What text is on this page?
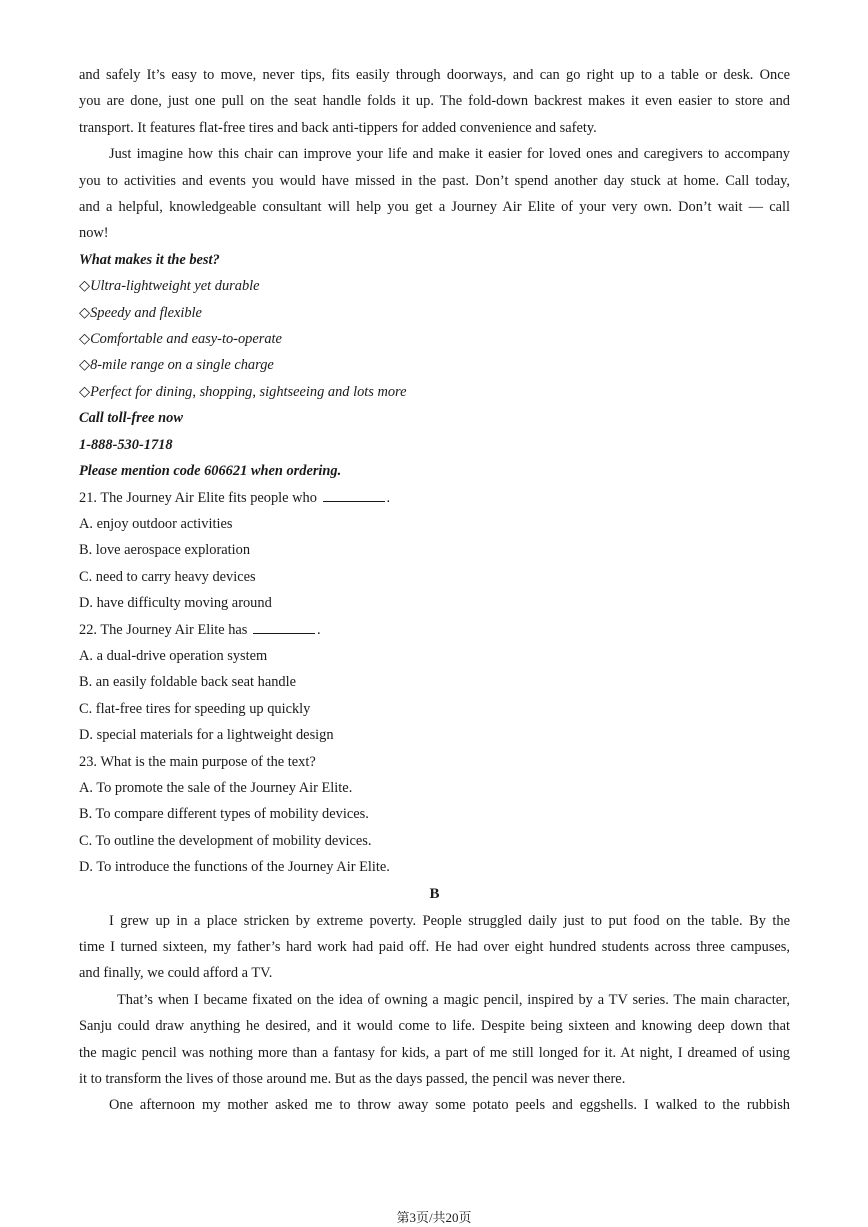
and safely It’s easy to move, never tips, fits easily through doorways, and can go right up to a table or desk. Once

you are done, just one pull on the seat handle folds it up. The fold-down backrest makes it even easier to store and

transport. It features flat-free tires and back anti-tippers for added convenience and safety.

Just imagine how this chair can improve your life and make it easier for loved ones and caregivers to accompany

you to activities and events you would have missed in the past. Don’t spend another day stuck at home. Call today,

and a helpful, knowledgeable consultant will help you get a Journey Air Elite of your very own. Don’t wait — call

now!

What makes it the best?

◇Ultra-lightweight yet durable

◇Speedy and flexible

◇Comfortable and easy-to-operate

◇8-mile range on a single charge

◇Perfect for dining, shopping, sightseeing and lots more

Call toll-free now

1-888-530-1718

Please mention code 606621 when ordering.

21. The Journey Air Elite fits people who	.

A. enjoy outdoor activities

B. love aerospace exploration

C. need to carry heavy devices

D. have difficulty moving around

22. The Journey Air Elite has	.

A. a dual-drive operation system

B. an easily foldable back seat handle

C. flat-free tires for speeding up quickly

D. special materials for a lightweight design

23. What is the main purpose of the text?

A. To promote the sale of the Journey Air Elite.

B. To compare different types of mobility devices.

C. To outline the development of mobility devices.

D. To introduce the functions of the Journey Air Elite.

B

I grew up in a place stricken by extreme poverty. People struggled daily just to put food on the table. By the

time I turned sixteen, my father’s hard work had paid off. He had over eight hundred students across three campuses,

and finally, we could afford a TV.

That’s when I became fixated on the idea of owning a magic pencil, inspired by a TV series. The main character,

Sanju could draw anything he desired, and it would come to life. Despite being sixteen and knowing deep down that

the magic pencil was nothing more than a fantasy for kids, a part of me still longed for it. At night, I dreamed of using

it to transform the lives of those around me. But as the days passed, the pencil was never there.

One afternoon my mother asked me to throw away some potato peels and eggshells. I walked to the rubbish

第3页/共20页
